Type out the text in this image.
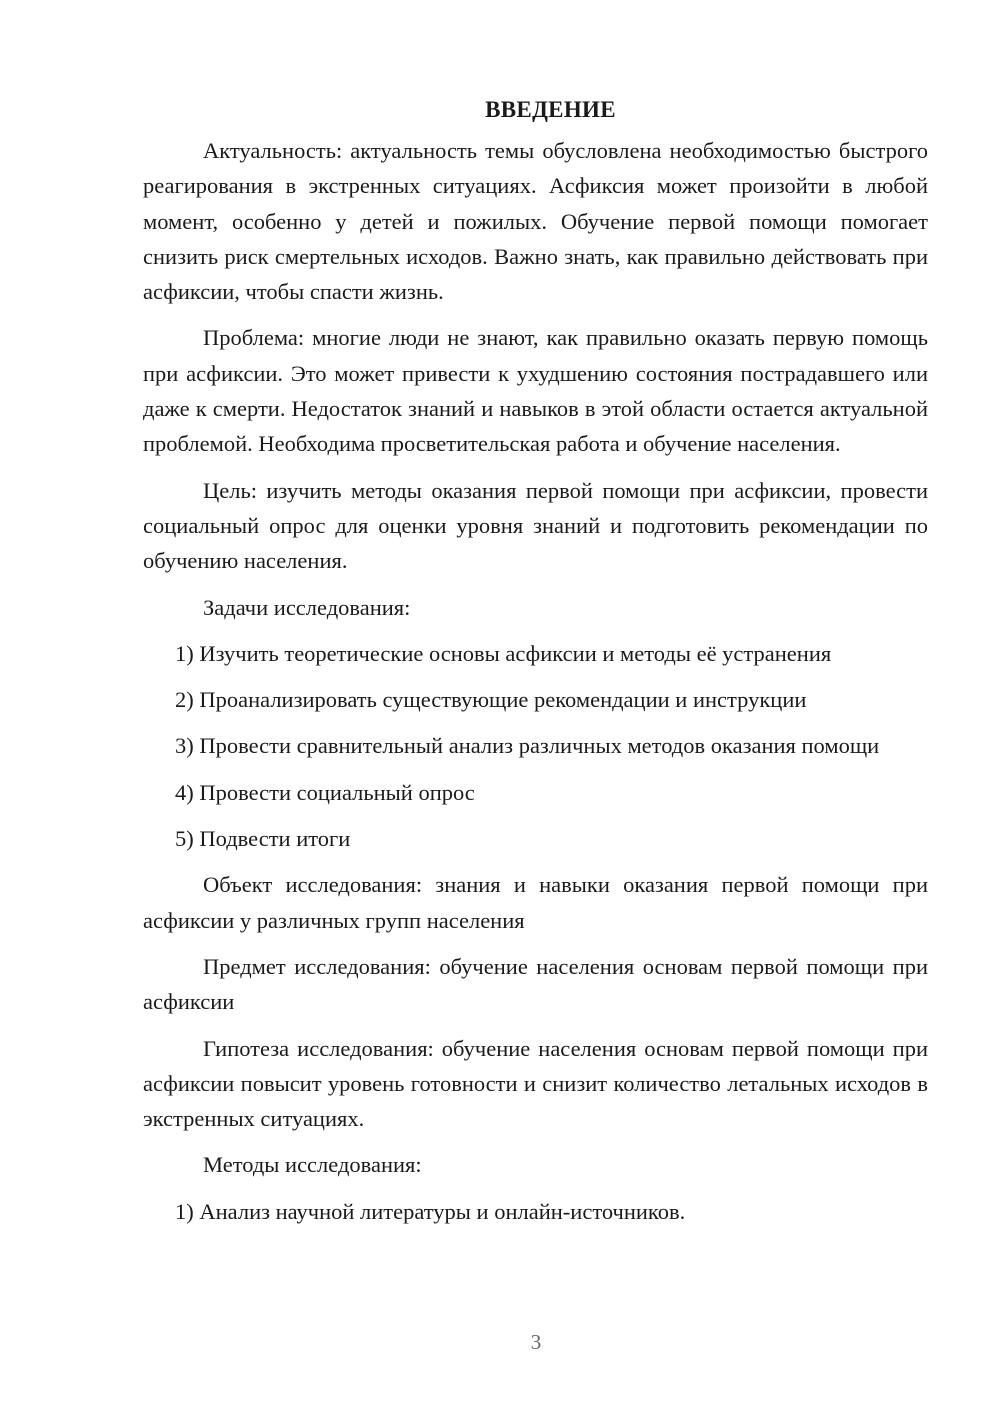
ВВЕДЕНИЕ

Актуальность: актуальность темы обусловлена необходимостью быстрого реагирования в экстренных ситуациях. Асфиксия может произойти в любой момент, особенно у детей и пожилых. Обучение первой помощи помогает снизить риск смертельных исходов. Важно знать, как правильно действовать при асфиксии, чтобы спасти жизнь.

Проблема: многие люди не знают, как правильно оказать первую помощь при асфиксии. Это может привести к ухудшению состояния пострадавшего или даже к смерти. Недостаток знаний и навыков в этой области остается актуальной проблемой. Необходима просветительская работа и обучение населения.

Цель: изучить методы оказания первой помощи при асфиксии, провести социальный опрос для оценки уровня знаний и подготовить рекомендации по обучению населения.

Задачи исследования:

1) Изучить теоретические основы асфиксии и методы её устранения

2) Проанализировать существующие рекомендации и инструкции

3) Провести сравнительный анализ различных методов оказания помощи

4) Провести социальный опрос

5) Подвести итоги

Объект исследования: знания и навыки оказания первой помощи при асфиксии у различных групп населения

Предмет исследования: обучение населения основам первой помощи при асфиксии

Гипотеза исследования: обучение населения основам первой помощи при асфиксии повысит уровень готовности и снизит количество летальных исходов в экстренных ситуациях.

Методы исследования:

1) Анализ научной литературы и онлайн-источников.

3
